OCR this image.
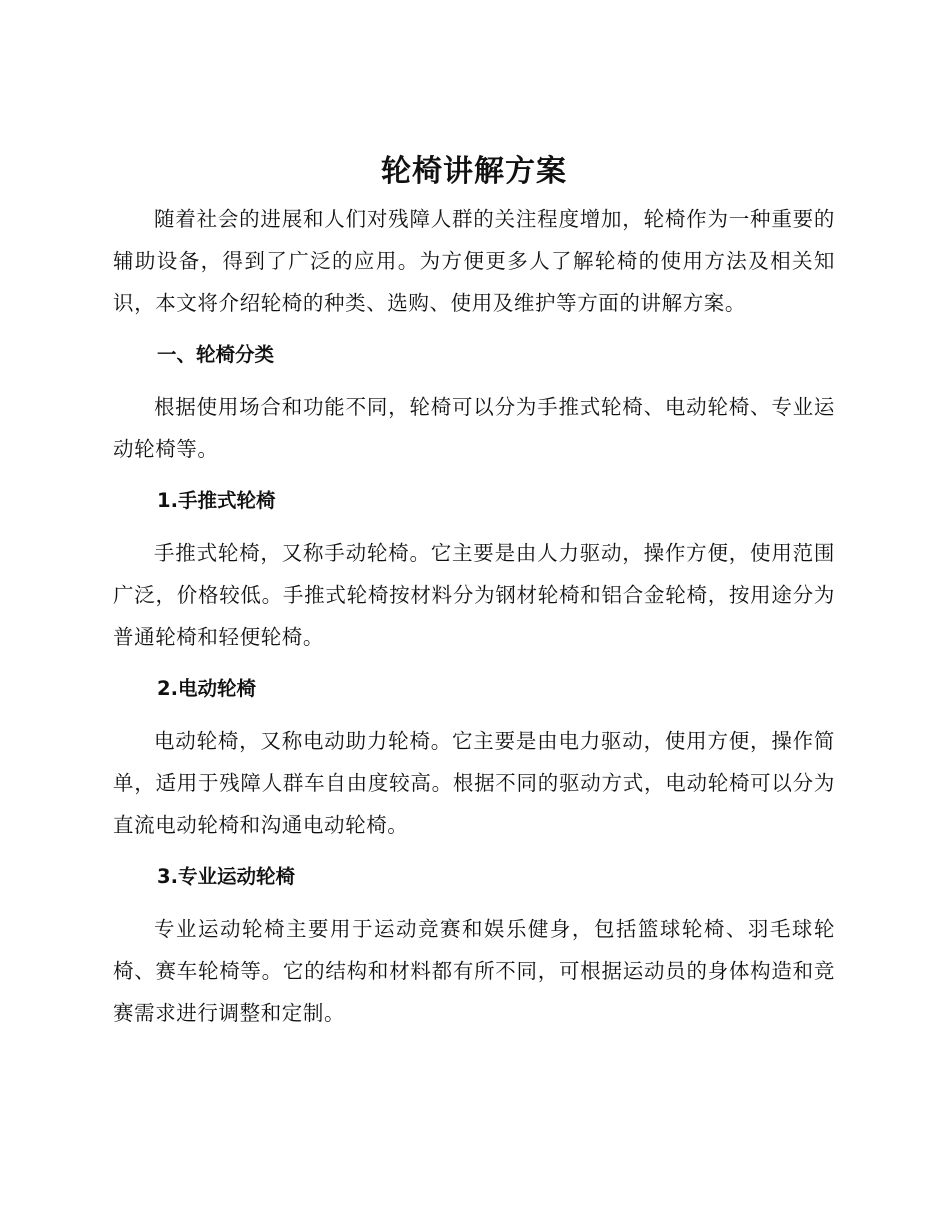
轮椅讲解方案

随着社会的进展和人们对残障人群的关注程度增加，轮椅作为一种重要的辅助设备，得到了广泛的应用。为方便更多人了解轮椅的使用方法及相关知识，本文将介绍轮椅的种类、选购、使用及维护等方面的讲解方案。

一、轮椅分类

根据使用场合和功能不同，轮椅可以分为手推式轮椅、电动轮椅、专业运动轮椅等。

1.手推式轮椅

手推式轮椅，又称手动轮椅。它主要是由人力驱动，操作方便，使用范围广泛，价格较低。手推式轮椅按材料分为钢材轮椅和铝合金轮椅，按用途分为普通轮椅和轻便轮椅。

2.电动轮椅

电动轮椅，又称电动助力轮椅。它主要是由电力驱动，使用方便，操作简单，适用于残障人群车自由度较高。根据不同的驱动方式，电动轮椅可以分为直流电动轮椅和沟通电动轮椅。

3.专业运动轮椅

专业运动轮椅主要用于运动竞赛和娱乐健身，包括篮球轮椅、羽毛球轮椅、赛车轮椅等。它的结构和材料都有所不同，可根据运动员的身体构造和竞赛需求进行调整和定制。
